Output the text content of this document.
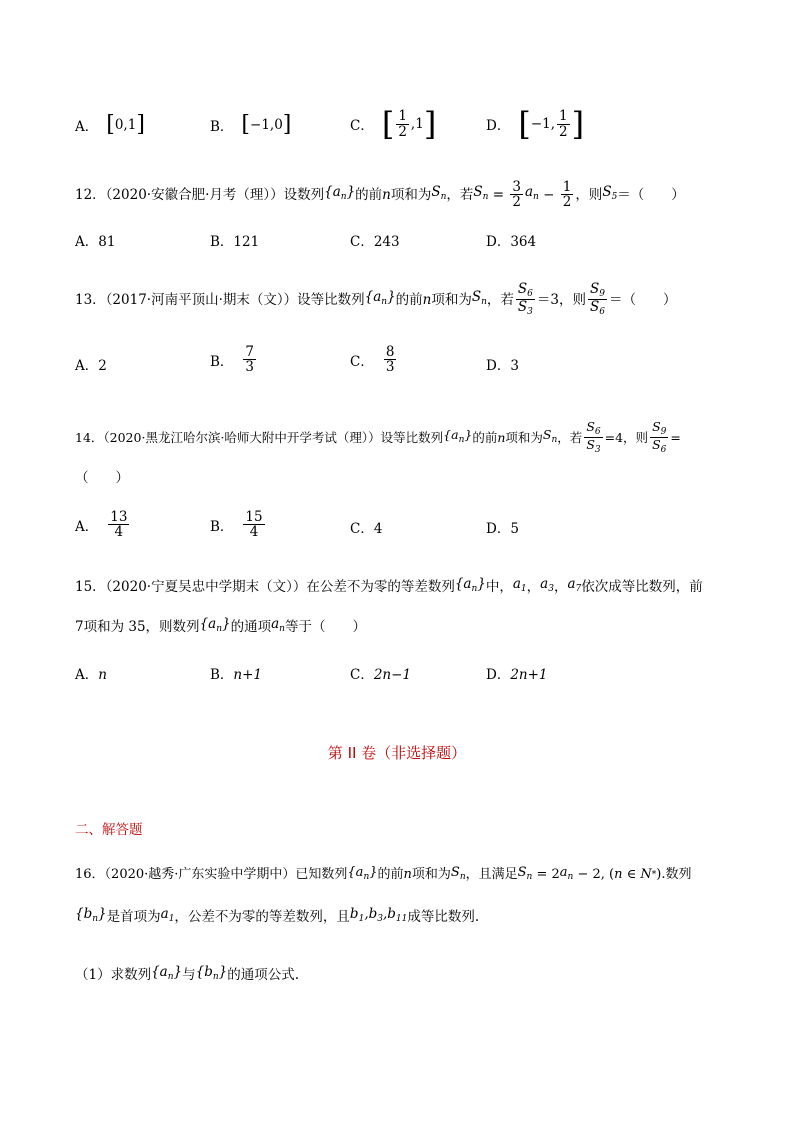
A． [ 0,1 ]	B． [ −1,0 ]	C． [ $\frac{1}{2} ,1$ ]	D． [ −1, $\frac{1}{2}$ ]
12．（2020·安徽合肥·月考（理））设数列 $\{a_n\}$ 的前 n 项和为 $S_n$ ，若 $S_n = \frac{3}{2} a_n - \frac{1}{2}$ ，则 $S_5$ ＝（　　）
A．81	B．121	C．243	D．364
13．（2017·河南平顶山·期末（文））设等比数列 $\{a_n\}$ 的前 n 项和为 $S_n$ ，若 $\frac{S_6}{S_3} =3$，则 $\frac{S_9}{S_6}$ ＝（　　）
A．2	B． $\frac{7}{3}$	C． $\frac{8}{3}$	D．3
14．（2020·黑龙江哈尔滨·哈师大附中开学考试（理））设等比数列 $\{a_n\}$ 的前 n 项和为 $S_n$ ，若 $\frac{S_6}{S_3} =4$，则 $\frac{S_9}{S_6}$ =
（　　）
A． $\frac{13}{4}$	B． $\frac{15}{4}$	C．4	D．5
15．（2020·宁夏吴忠中学期末（文））在公差不为零的等差数列 $\{a_n\}$ 中， $a_1$ ， $a_3$ ， $a_7$ 依次成等比数列，前
7项和为 35，则数列 $\{a_n\}$ 的通项 $a_n$ 等于（　　）
A．n	B．n+1	C．2n−1	D．2n+1
第 II 卷（非选择题）
二、解答题
16．（2020·越秀·广东实验中学期中）已知数列 $\{a_n\}$ 的前 n 项和为 $S_n$ ，且满足 $S_n = 2$ $a_n - 2$, ( n ∈ N * ) .数列
$\{b_n\}$ 是首项为 $a_1$ ，公差不为零的等差数列，且 $b_1,b_3,b_{11}$ 成等比数列.
（1）求数列 $\{a_n\}$ 与 $\{b_n\}$ 的通项公式.
